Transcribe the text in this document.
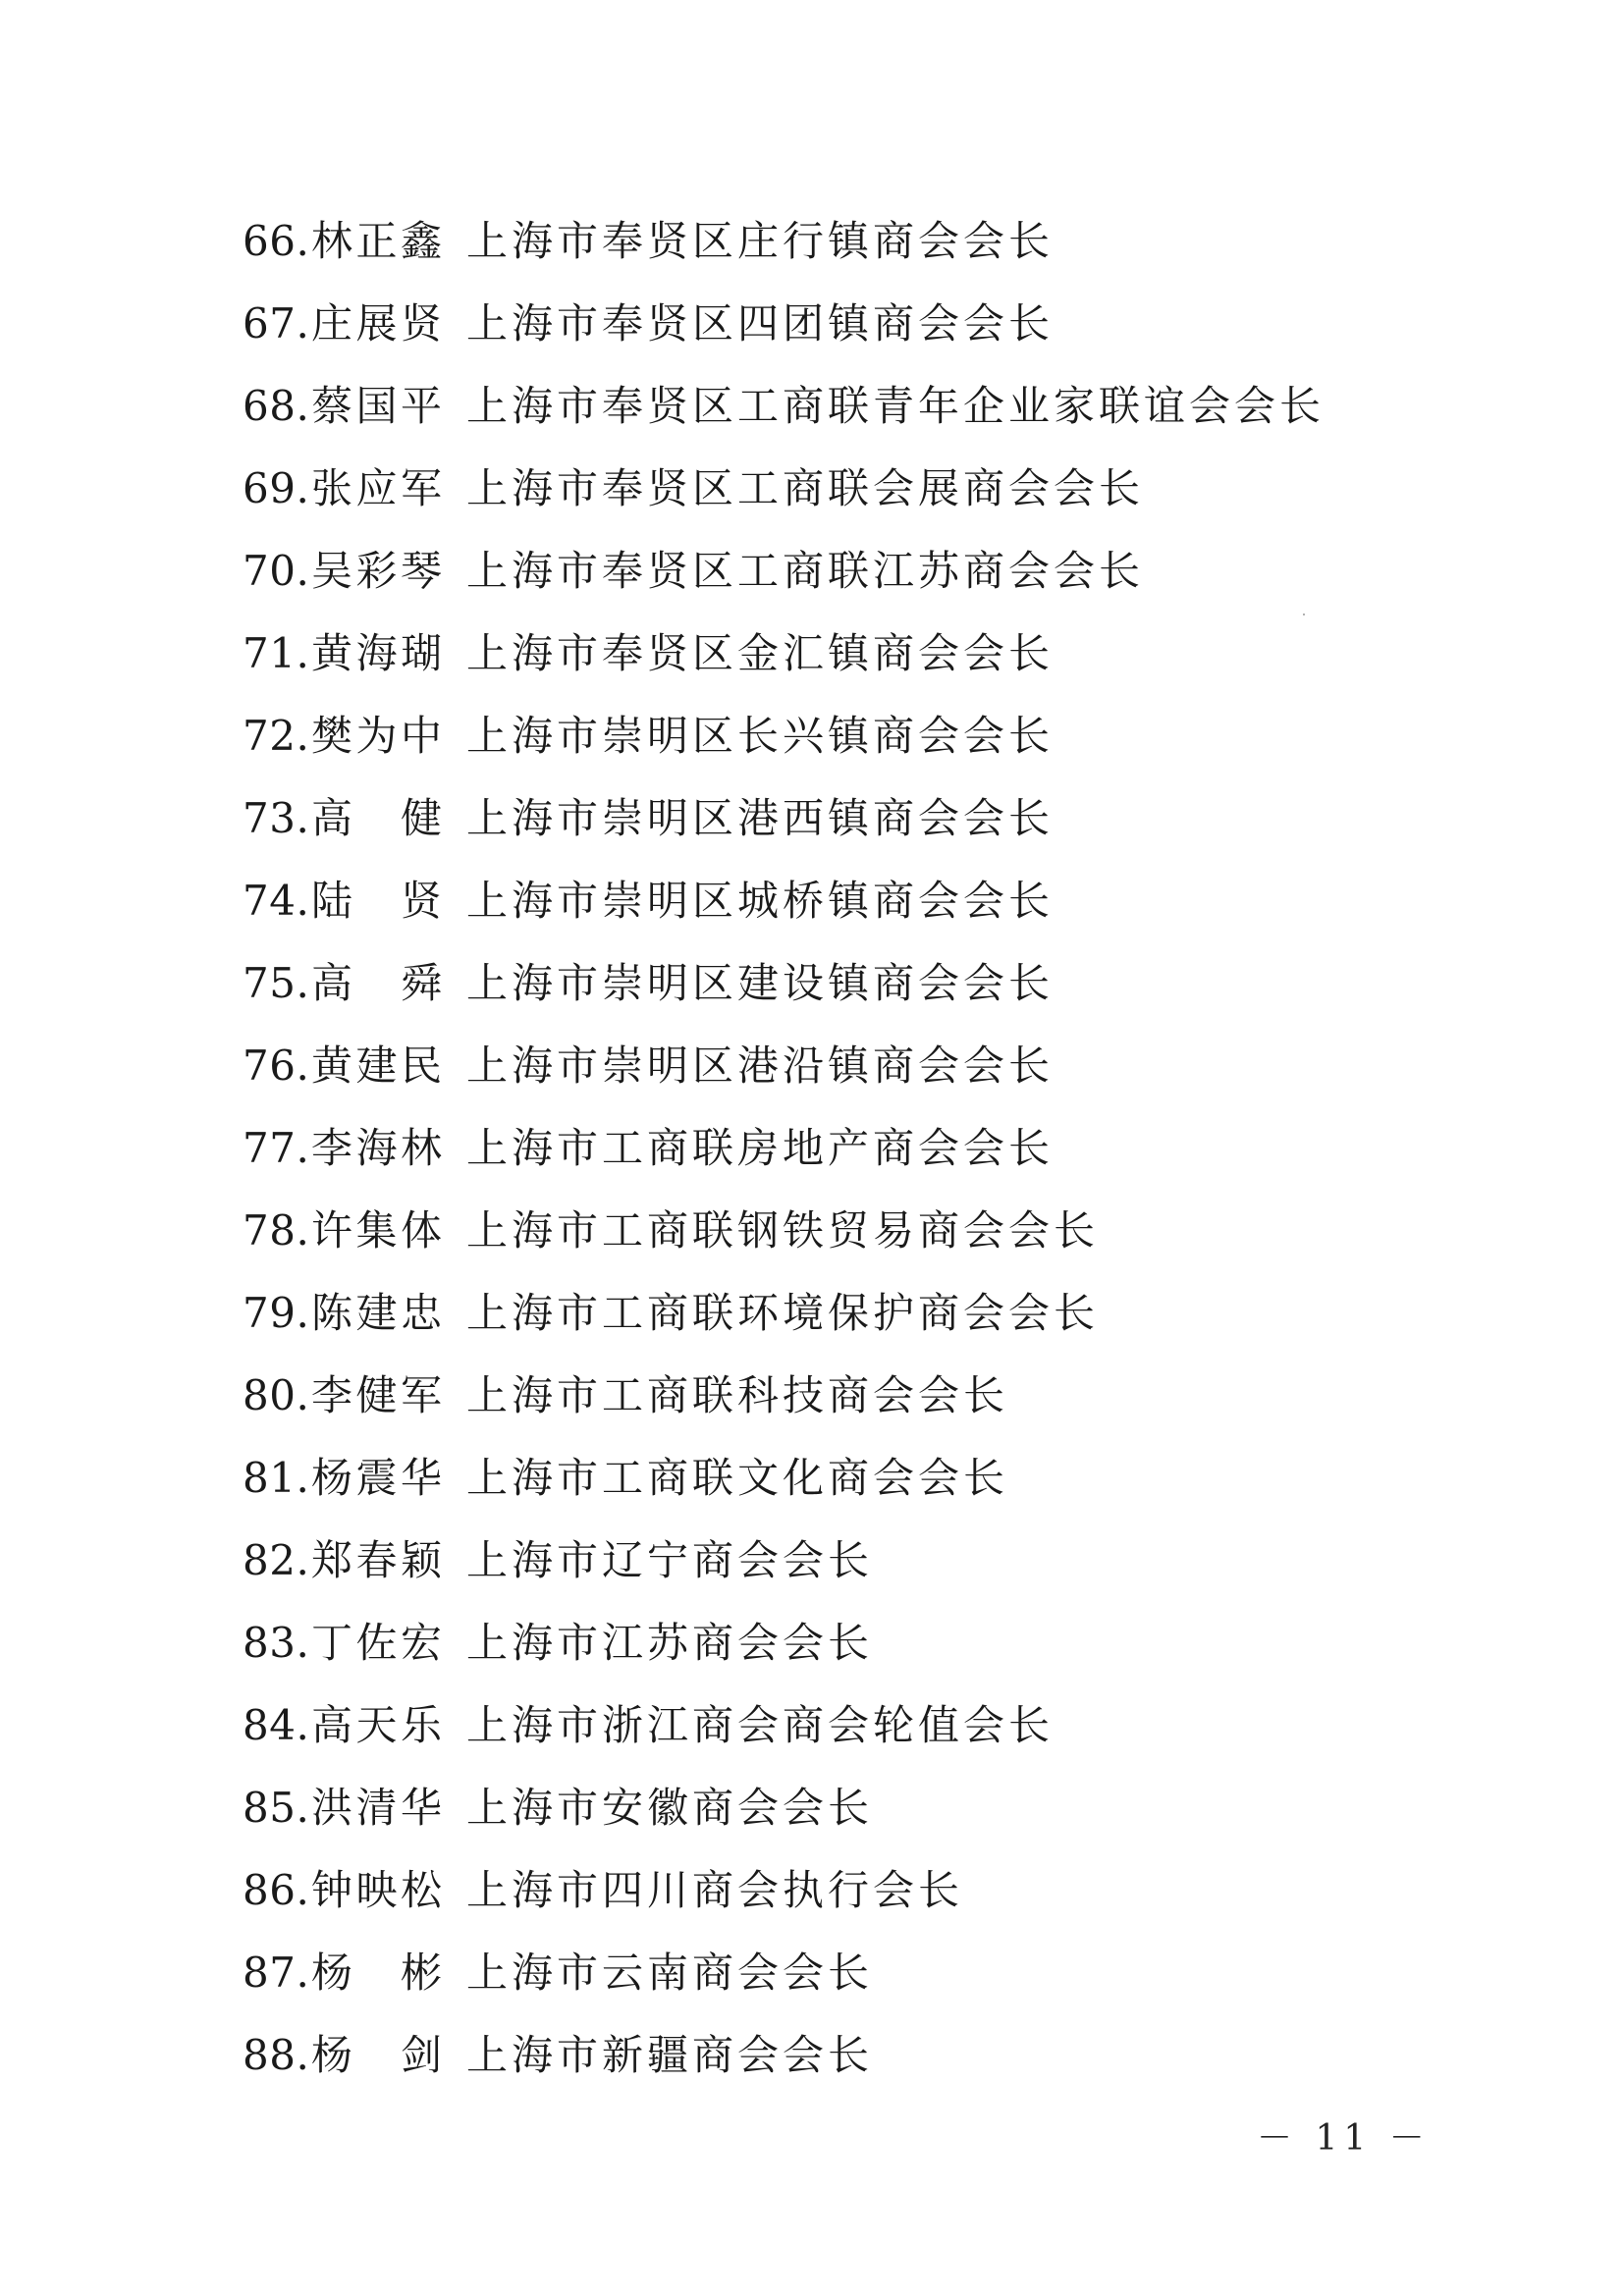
66. 林正鑫 上海市奉贤区庄行镇商会会长
67. 庄展贤 上海市奉贤区四团镇商会会长
68. 蔡国平 上海市奉贤区工商联青年企业家联谊会会长
69. 张应军 上海市奉贤区工商联会展商会会长
70. 吴彩琴 上海市奉贤区工商联江苏商会会长
71. 黄海瑚 上海市奉贤区金汇镇商会会长
72. 樊为中 上海市崇明区长兴镇商会会长
73. 高健 上海市崇明区港西镇商会会长
74. 陆贤 上海市崇明区城桥镇商会会长
75. 高舜 上海市崇明区建设镇商会会长
76. 黄建民 上海市崇明区港沿镇商会会长
77. 李海林 上海市工商联房地产商会会长
78. 许集体 上海市工商联钢铁贸易商会会长
79. 陈建忠 上海市工商联环境保护商会会长
80. 李健军 上海市工商联科技商会会长
81. 杨震华 上海市工商联文化商会会长
82. 郑春颖 上海市辽宁商会会长
83. 丁佐宏 上海市江苏商会会长
84. 高天乐 上海市浙江商会商会轮值会长
85. 洪清华 上海市安徽商会会长
86. 钟映松 上海市四川商会执行会长
87. 杨彬 上海市云南商会会长
88. 杨剑 上海市新疆商会会长
－ 11 －
